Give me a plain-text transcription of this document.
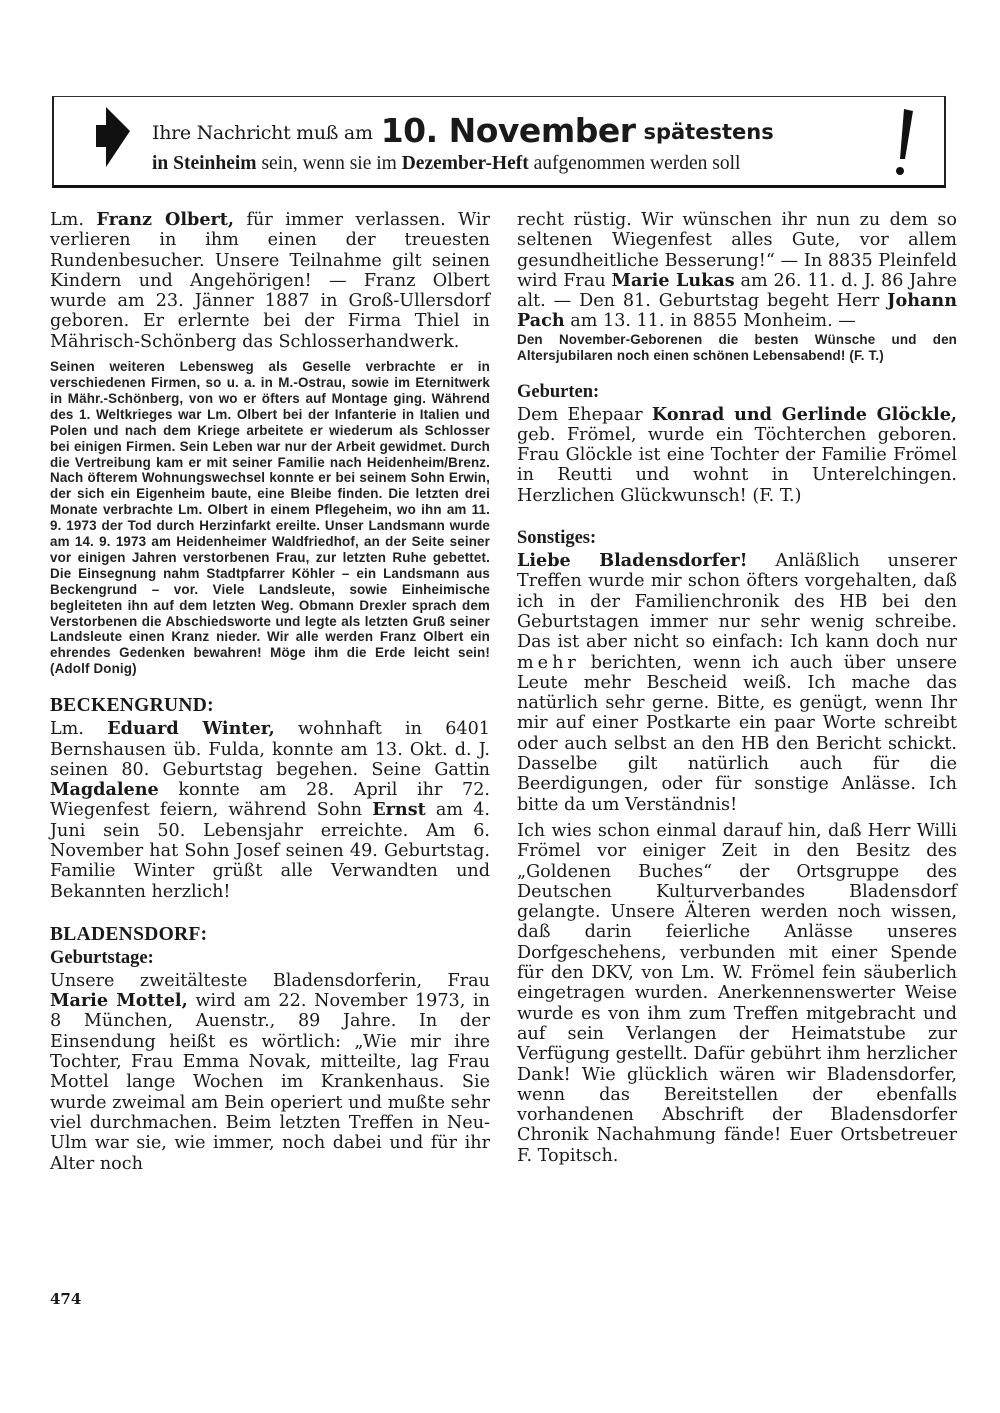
Ihre Nachricht muß am 10. November spätestens
in Steinheim sein, wenn sie im Dezember-Heft aufgenommen werden soll

Lm. Franz Olbert, für immer verlassen. Wir verlieren in ihm einen der treuesten Rundenbesucher. Unsere Teilnahme gilt seinen Kindern und Angehörigen! — Franz Olbert wurde am 23. Jänner 1887 in Groß-Ullersdorf geboren. Er erlernte bei der Firma Thiel in Mährisch-Schönberg das Schlosserhandwerk.

Seinen weiteren Lebensweg als Geselle verbrachte er in verschiedenen Firmen, so u. a. in M.-Ostrau, sowie im Eternitwerk in Mähr.-Schönberg, von wo er öfters auf Montage ging. Während des 1. Weltkrieges war Lm. Olbert bei der Infanterie in Italien und Polen und nach dem Kriege arbeitete er wiederum als Schlosser bei einigen Firmen. Sein Leben war nur der Arbeit gewidmet. Durch die Vertreibung kam er mit seiner Familie nach Heidenheim/Brenz. Nach öfterem Wohnungswechsel konnte er bei seinem Sohn Erwin, der sich ein Eigenheim baute, eine Bleibe finden. Die letzten drei Monate verbrachte Lm. Olbert in einem Pflegeheim, wo ihn am 11. 9. 1973 der Tod durch Herzinfarkt ereilte. Unser Landsmann wurde am 14. 9. 1973 am Heidenheimer Waldfriedhof, an der Seite seiner vor einigen Jahren verstorbenen Frau, zur letzten Ruhe gebettet. Die Einsegnung nahm Stadtpfarrer Köhler – ein Landsmann aus Beckengrund – vor. Viele Landsleute, sowie Einheimische begleiteten ihn auf dem letzten Weg. Obmann Drexler sprach dem Verstorbenen die Abschiedsworte und legte als letzten Gruß seiner Landsleute einen Kranz nieder. Wir alle werden Franz Olbert ein ehrendes Gedenken bewahren! Möge ihm die Erde leicht sein! (Adolf Donig)

BECKENGRUND:

Lm. Eduard Winter, wohnhaft in 6401 Bernshausen üb. Fulda, konnte am 13. Okt. d. J. seinen 80. Geburtstag begehen. Seine Gattin Magdalene konnte am 28. April ihr 72. Wiegenfest feiern, während Sohn Ernst am 4. Juni sein 50. Lebensjahr erreichte. Am 6. November hat Sohn Josef seinen 49. Geburtstag. Familie Winter grüßt alle Verwandten und Bekannten herzlich!

BLADENSDORF:
Geburtstage:

Unsere zweitälteste Bladensdorferin, Frau Marie Mottel, wird am 22. November 1973, in 8 München, Auenstr., 89 Jahre. In der Einsendung heißt es wörtlich: „Wie mir ihre Tochter, Frau Emma Novak, mitteilte, lag Frau Mottel lange Wochen im Krankenhaus. Sie wurde zweimal am Bein operiert und mußte sehr viel durchmachen. Beim letzten Treffen in Neu-Ulm war sie, wie immer, noch dabei und für ihr Alter noch

recht rüstig. Wir wünschen ihr nun zu dem so seltenen Wiegenfest alles Gute, vor allem gesundheitliche Besserung!“ — In 8835 Pleinfeld wird Frau Marie Lukas am 26. 11. d. J. 86 Jahre alt. — Den 81. Geburtstag begeht Herr Johann Pach am 13. 11. in 8855 Monheim. —

Den November-Geborenen die besten Wünsche und den Altersjubilaren noch einen schönen Lebensabend! (F. T.)

Geburten:

Dem Ehepaar Konrad und Gerlinde Glöckle, geb. Frömel, wurde ein Töchterchen geboren. Frau Glöckle ist eine Tochter der Familie Frömel in Reutti und wohnt in Unterelchingen. Herzlichen Glückwunsch! (F. T.)

Sonstiges:

Liebe Bladensdorfer! Anläßlich unserer Treffen wurde mir schon öfters vorgehalten, daß ich in der Familienchronik des HB bei den Geburtstagen immer nur sehr wenig schreibe. Das ist aber nicht so einfach: Ich kann doch nur mehr berichten, wenn ich auch über unsere Leute mehr Bescheid weiß. Ich mache das natürlich sehr gerne. Bitte, es genügt, wenn Ihr mir auf einer Postkarte ein paar Worte schreibt oder auch selbst an den HB den Bericht schickt. Dasselbe gilt natürlich auch für die Beerdigungen, oder für sonstige Anlässe. Ich bitte da um Verständnis!

Ich wies schon einmal darauf hin, daß Herr Willi Frömel vor einiger Zeit in den Besitz des „Goldenen Buches“ der Ortsgruppe des Deutschen Kulturverbandes Bladensdorf gelangte. Unsere Älteren werden noch wissen, daß darin feierliche Anlässe unseres Dorfgeschehens, verbunden mit einer Spende für den DKV, von Lm. W. Frömel fein säuberlich eingetragen wurden. Anerkennenswerter Weise wurde es von ihm zum Treffen mitgebracht und auf sein Verlangen der Heimatstube zur Verfügung gestellt. Dafür gebührt ihm herzlicher Dank! Wie glücklich wären wir Bladensdorfer, wenn das Bereitstellen der ebenfalls vorhandenen Abschrift der Bladensdorfer Chronik Nachahmung fände! Euer Ortsbetreuer F. Topitsch.

474
